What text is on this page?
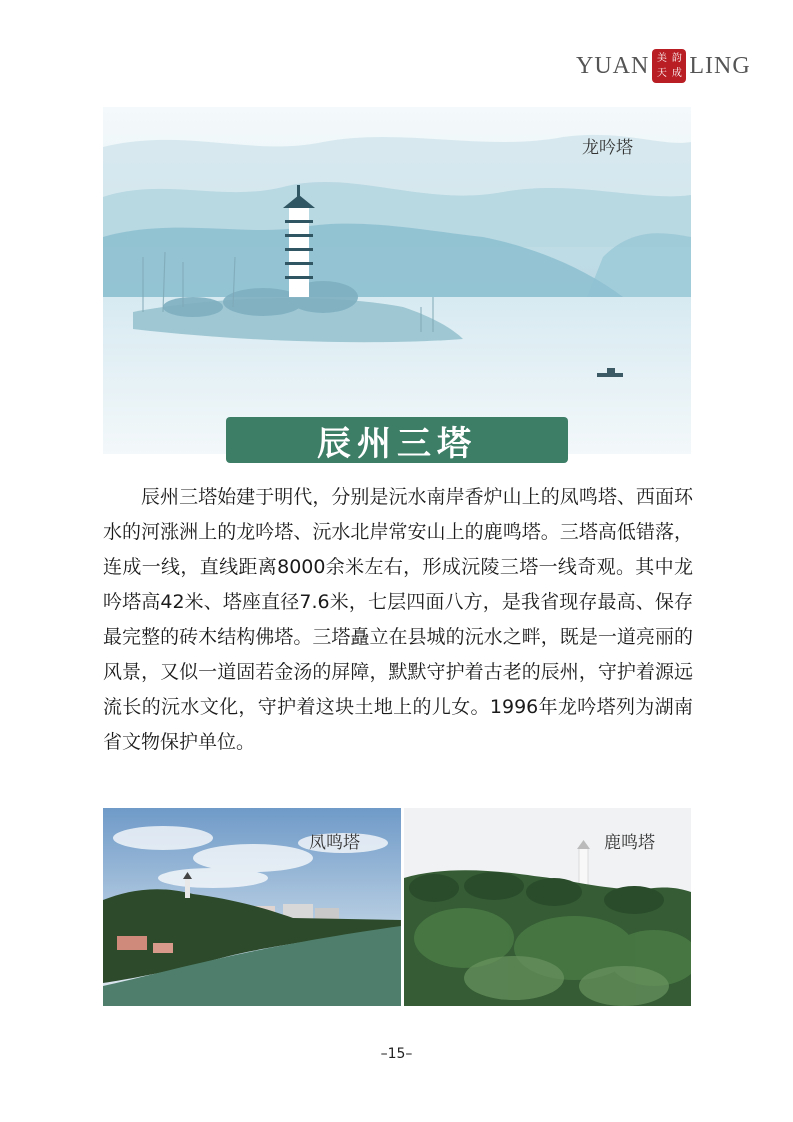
YUAN 美 韵
天 成 LING
龙吟塔
辰州三塔

辰州三塔始建于明代，分别是沅水南岸香炉山上的凤鸣塔、西面环水的河涨洲上的龙吟塔、沅水北岸常安山上的鹿鸣塔。三塔高低错落，连成一线，直线距离8000余米左右，形成沅陵三塔一线奇观。其中龙吟塔高42米、塔座直径7.6米，七层四面八方，是我省现存最高、保存最完整的砖木结构佛塔。三塔矗立在县城的沅水之畔，既是一道亮丽的风景，又似一道固若金汤的屏障，默默守护着古老的辰州，守护着源远流长的沅水文化，守护着这块土地上的儿女。1996年龙吟塔列为湖南省文物保护单位。

凤鸣塔	鹿鸣塔
–15–
